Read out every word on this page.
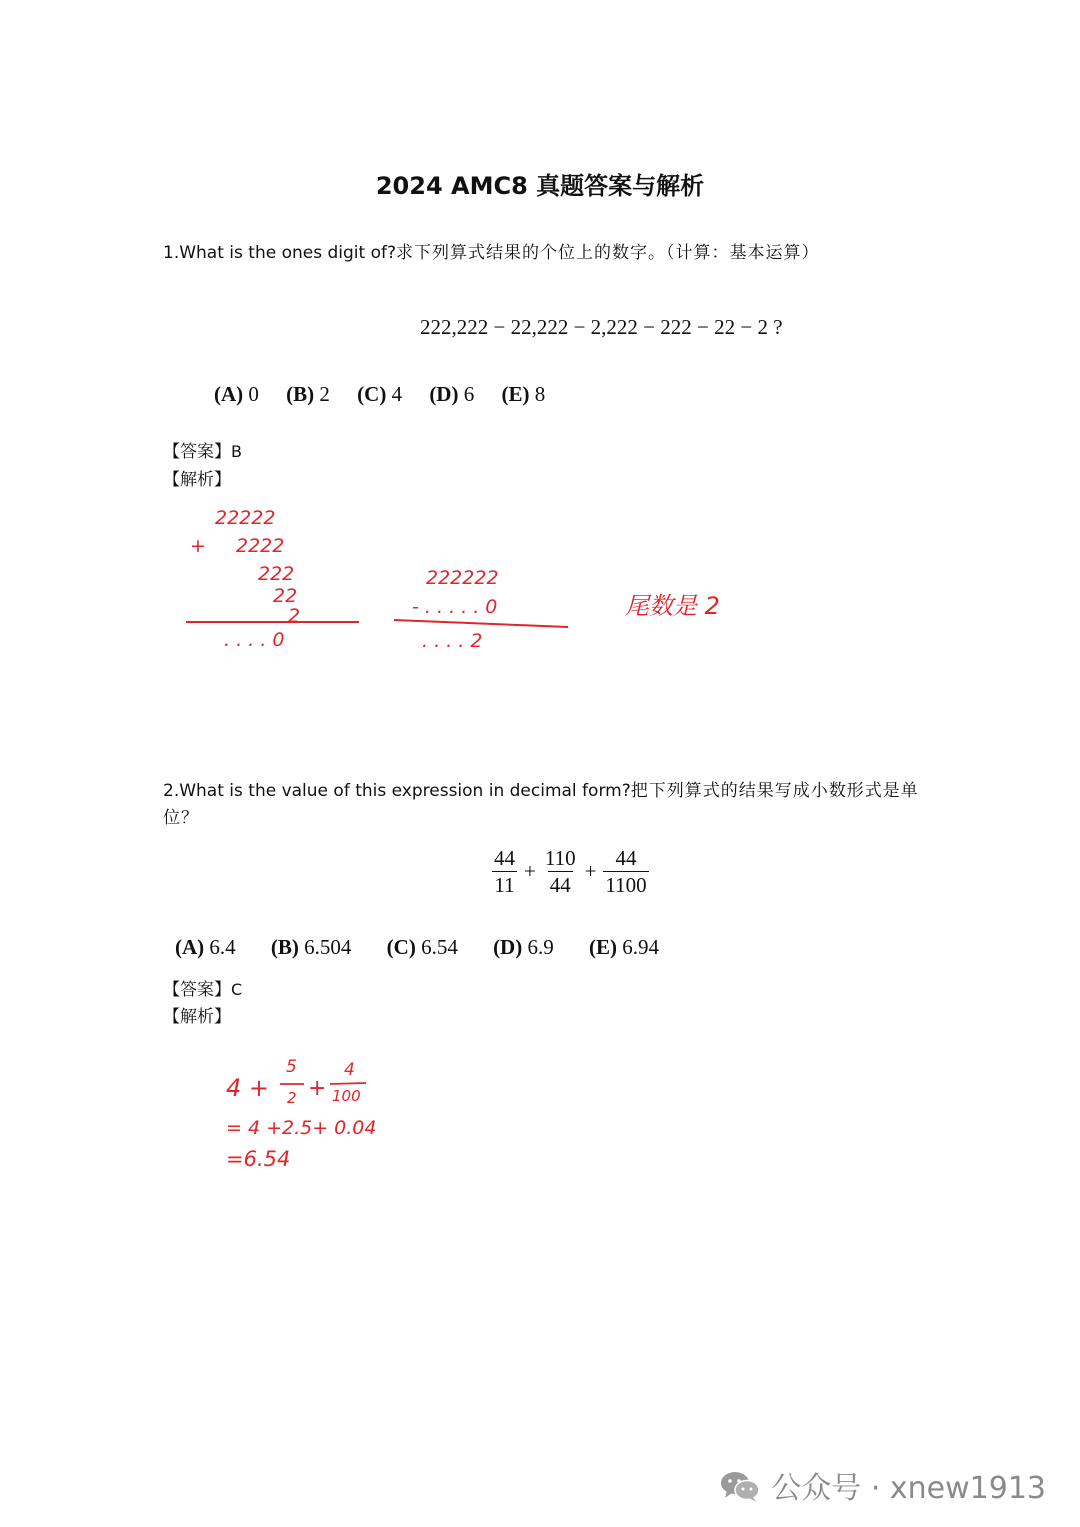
2024 AMC8 真题答案与解析
1.What is the ones digit of?求下列算式结果的个位上的数字。（计算：基本运算）
222,222 − 22,222 − 2,222 − 222 − 22 − 2 ?
(A) 0 (B) 2 (C) 4 (D) 6 (E) 8
【答案】B
【解析】
22222
+ 2222
222
22
2
. . . . 0
222222
- . . . . . 0
. . . . 2
尾数是 2
2.What is the value of this expression in decimal form?把下列算式的结果写成小数形式是单
位？
$\frac{44}{11} + \frac{110}{44} + \frac{44}{1100}$
(A) 6.4 (B) 6.504 (C) 6.54 (D) 6.9 (E) 6.94
【答案】C
【解析】
4 +
5
2 +
4
100
= 4 +2.5+ 0.04
=6.54
公众号 · xnew1913
